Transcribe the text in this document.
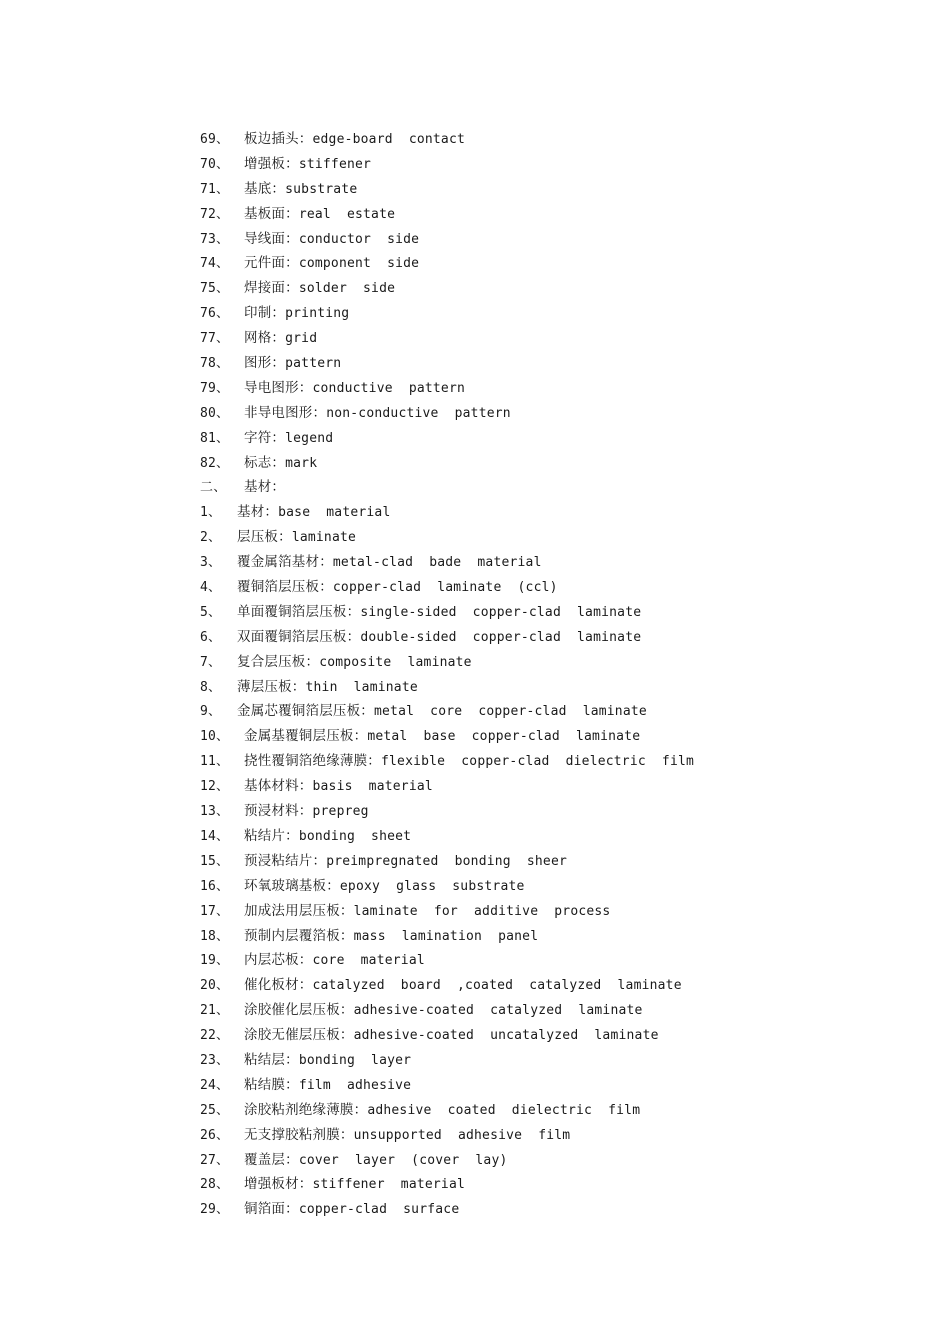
69、 板边插头：edge-board  contact
70、 增强板：stiffener
71、 基底：substrate
72、 基板面：real  estate
73、 导线面：conductor  side
74、 元件面：component  side
75、 焊接面：solder  side
76、 印制：printing
77、 网格：grid
78、 图形：pattern
79、 导电图形：conductive  pattern
80、 非导电图形：non-conductive  pattern
81、 字符：legend
82、 标志：mark
二、 基材：
1、 基材：base  material
2、 层压板：laminate
3、 覆金属箔基材：metal-clad  bade  material
4、 覆铜箔层压板：copper-clad  laminate  (ccl)
5、 单面覆铜箔层压板：single-sided  copper-clad  laminate
6、 双面覆铜箔层压板：double-sided  copper-clad  laminate
7、 复合层压板：composite  laminate
8、 薄层压板：thin  laminate
9、 金属芯覆铜箔层压板：metal  core  copper-clad  laminate
10、 金属基覆铜层压板：metal  base  copper-clad  laminate
11、 挠性覆铜箔绝缘薄膜：flexible  copper-clad  dielectric  film
12、 基体材料：basis  material
13、 预浸材料：prepreg
14、 粘结片：bonding  sheet
15、 预浸粘结片：preimpregnated  bonding  sheer
16、 环氧玻璃基板：epoxy  glass  substrate
17、 加成法用层压板：laminate  for  additive  process
18、 预制内层覆箔板：mass  lamination  panel
19、 内层芯板：core  material
20、 催化板材：catalyzed  board  ,coated  catalyzed  laminate
21、 涂胶催化层压板：adhesive-coated  catalyzed  laminate
22、 涂胶无催层压板：adhesive-coated  uncatalyzed  laminate
23、 粘结层：bonding  layer
24、 粘结膜：film  adhesive
25、 涂胶粘剂绝缘薄膜：adhesive  coated  dielectric  film
26、 无支撑胶粘剂膜：unsupported  adhesive  film
27、 覆盖层：cover  layer  (cover  lay)
28、 增强板材：stiffener  material
29、 铜箔面：copper-clad  surface
